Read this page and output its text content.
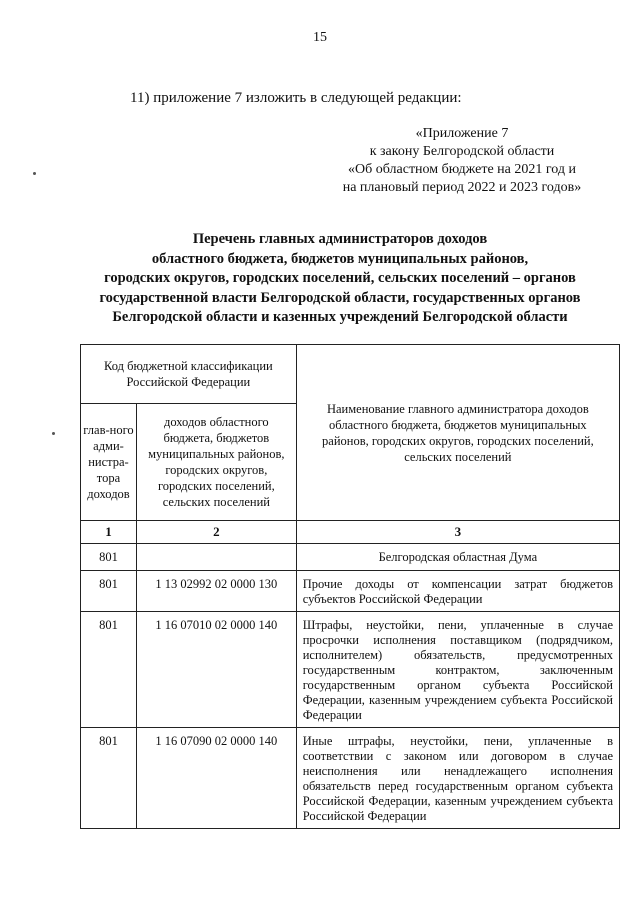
15
11) приложение 7 изложить в следующей редакции:
«Приложение 7
к закону Белгородской области
«Об областном бюджете на 2021 год и
на плановый период 2022 и 2023 годов»
Перечень главных администраторов доходов
областного бюджета, бюджетов муниципальных районов,
городских округов, городских поселений, сельских поселений – органов
государственной власти Белгородской области, государственных органов
Белгородской области и казенных учреждений Белгородской области
Код бюджетной классификации Российской Федерации		Наименование главного администратора доходов областного бюджета, бюджетов муниципальных районов, городских округов, городских поселений, сельских поселений
глав-ного адми-нистра-тора доходов	доходов областного бюджета, бюджетов муниципальных районов, городских округов, городских поселений, сельских поселений	
1	2	3
801		Белгородская областная Дума
801	1 13 02992 02 0000 130	Прочие доходы от компенсации затрат бюджетов субъектов Российской Федерации
801	1 16 07010 02 0000 140	Штрафы, неустойки, пени, уплаченные в случае просрочки исполнения поставщиком (подрядчиком, исполнителем) обязательств, предусмотренных государственным контрактом, заключенным государственным органом субъекта Российской Федерации, казенным учреждением субъекта Российской Федерации
801	1 16 07090 02 0000 140	Иные штрафы, неустойки, пени, уплаченные в соответствии с законом или договором в случае неисполнения или ненадлежащего исполнения обязательств перед государственным органом субъекта Российской Федерации, казенным учреждением субъекта Российской Федерации
